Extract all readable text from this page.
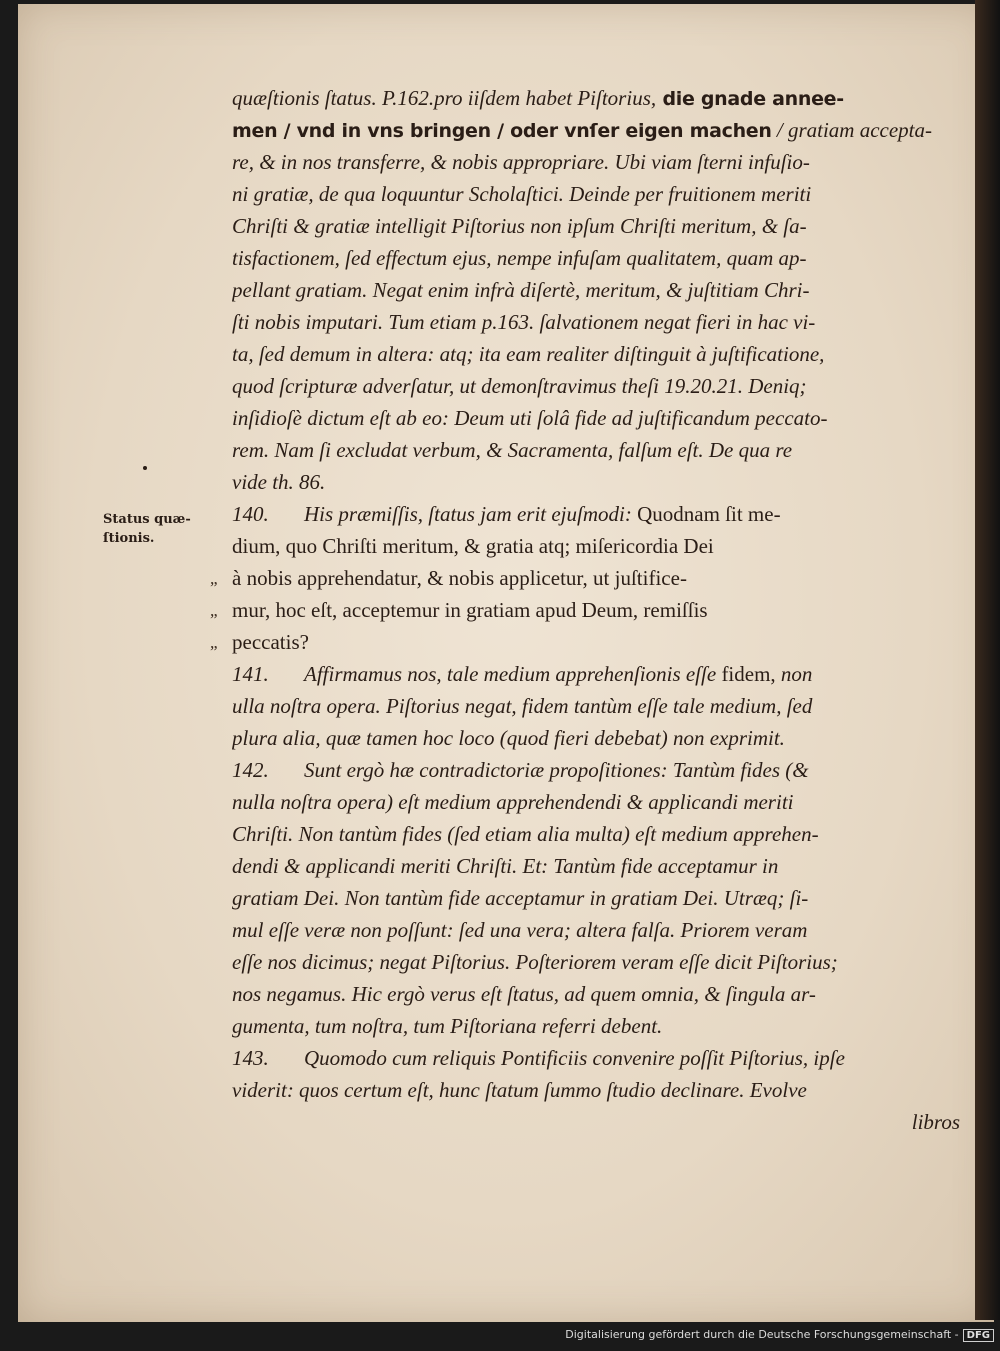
Status quæ-
ſtionis.
”
”
”
quæſtionis ſtatus. P.162.pro iiſdem habet Piſtorius, die gnade annee-
men / vnd in vns bringen / oder vnſer eigen machen / gratiam accepta-
re, & in nos transferre, & nobis appropriare. Ubi viam ſterni infuſio-
ni gratiæ, de qua loquuntur Scholaſtici. Deinde per fruitionem meriti
Chriſti & gratiæ intelligit Piſtorius non ipſum Chriſti meritum, & ſa-
tisfactionem, ſed effectum ejus, nempe infuſam qualitatem, quam ap-
pellant gratiam. Negat enim infrà diſertè, meritum, & juſtitiam Chri-
ſti nobis imputari. Tum etiam p.163. ſalvationem negat fieri in hac vi-
ta, ſed demum in altera: atq; ita eam realiter diſtinguit à juſtificatione,
quod ſcripturæ adverſatur, ut demonſtravimus theſi 19.20.21. Deniq;
inſidioſè dictum eſt ab eo: Deum uti ſolâ fide ad juſtificandum peccato-
rem. Nam ſi excludat verbum, & Sacramenta, falſum eſt. De qua re
vide th. 86.
140. His præmiſſis, ſtatus jam erit ejuſmodi: Quodnam ſit me-
dium, quo Chriſti meritum, & gratia atq; miſericordia Dei
à nobis apprehendatur, & nobis applicetur, ut juſtifice-
mur, hoc eſt, acceptemur in gratiam apud Deum, remiſſis
peccatis?
141. Affirmamus nos, tale medium apprehenſionis eſſe fidem, non
ulla noſtra opera. Piſtorius negat, fidem tantùm eſſe tale medium, ſed
plura alia, quæ tamen hoc loco (quod fieri debebat) non exprimit.
142. Sunt ergò hæ contradictoriæ propoſitiones: Tantùm fides (&
nulla noſtra opera) eſt medium apprehendendi & applicandi meriti
Chriſti. Non tantùm fides (ſed etiam alia multa) eſt medium apprehen-
dendi & applicandi meriti Chriſti. Et: Tantùm fide acceptamur in
gratiam Dei. Non tantùm fide acceptamur in gratiam Dei. Utræq; ſi-
mul eſſe veræ non poſſunt: ſed una vera; altera falſa. Priorem veram
eſſe nos dicimus; negat Piſtorius. Poſteriorem veram eſſe dicit Piſtorius;
nos negamus. Hic ergò verus eſt ſtatus, ad quem omnia, & ſingula ar-
gumenta, tum noſtra, tum Piſtoriana referri debent.
143. Quomodo cum reliquis Pontificiis convenire poſſit Piſtorius, ipſe
viderit: quos certum eſt, hunc ſtatum ſummo ſtudio declinare. Evolve
libros
Digitalisierung gefördert durch die Deutsche Forschungsgemeinschaft - DFG
